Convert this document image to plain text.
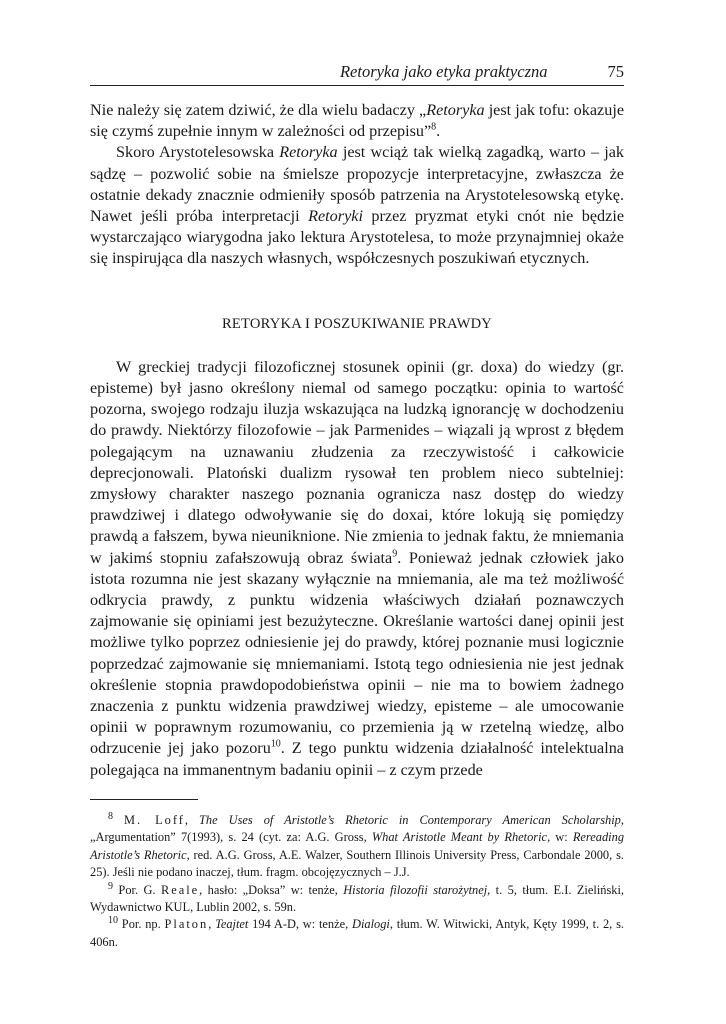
Retoryka jako etyka praktyczna	75

Nie należy się zatem dziwić, że dla wielu badaczy „Retoryka jest jak tofu: okazuje się czymś zupełnie innym w zależności od przepisu”$^8$.

Skoro Arystotelesowska Retoryka jest wciąż tak wielką zagadką, warto – jak sądzę – pozwolić sobie na śmielsze propozycje interpretacyjne, zwłaszcza że ostatnie dekady znacznie odmieniły sposób patrzenia na Arystotelesowską etykę. Nawet jeśli próba interpretacji Retoryki przez pryzmat etyki cnót nie będzie wystarczająco wiarygodna jako lektura Arystotelesa, to może przynajmniej okaże się inspirująca dla naszych własnych, współczesnych poszukiwań etycznych.

RETORYKA I POSZUKIWANIE PRAWDY

W greckiej tradycji filozoficznej stosunek opinii (gr. doxa) do wiedzy (gr. episteme) był jasno określony niemal od samego początku: opinia to wartość pozorna, swojego rodzaju iluzja wskazująca na ludzką ignorancję w dochodzeniu do prawdy. Niektórzy filozofowie – jak Parmenides – wiązali ją wprost z błędem polegającym na uznawaniu złudzenia za rzeczywistość i całkowicie deprecjonowali. Platoński dualizm rysował ten problem nieco subtelniej: zmysłowy charakter naszego poznania ogranicza nasz dostęp do wiedzy prawdziwej i dlatego odwoływanie się do doxai, które lokują się pomiędzy prawdą a fałszem, bywa nieuniknione. Nie zmienia to jednak faktu, że mniemania w jakimś stopniu zafałszowują obraz świata$^9$. Ponieważ jednak człowiek jako istota rozumna nie jest skazany wyłącznie na mniemania, ale ma też możliwość odkrycia prawdy, z punktu widzenia właściwych działań poznawczych zajmowanie się opiniami jest bezużyteczne. Określanie wartości danej opinii jest możliwe tylko poprzez odniesienie jej do prawdy, której poznanie musi logicznie poprzedzać zajmowanie się mniemaniami. Istotą tego odniesienia nie jest jednak określenie stopnia prawdopodobieństwa opinii – nie ma to bowiem żadnego znaczenia z punktu widzenia prawdziwej wiedzy, episteme – ale umocowanie opinii w poprawnym rozumowaniu, co przemienia ją w rzetelną wiedzę, albo odrzucenie jej jako pozoru$^{10}$. Z tego punktu widzenia działalność intelektualna polegająca na immanentnym badaniu opinii – z czym przede

$^8$ M. Loff, The Uses of Aristotle’s Rhetoric in Contemporary American Scholarship, „Argumentation” 7(1993), s. 24 (cyt. za: A.G. Gross, What Aristotle Meant by Rhetoric, w: Rereading Aristotle’s Rhetoric, red. A.G. Gross, A.E. Walzer, Southern Illinois University Press, Carbondale 2000, s. 25). Jeśli nie podano inaczej, tłum. fragm. obcojęzycznych – J.J.

$^9$ Por. G. Reale, hasło: „Doksa” w: tenże, Historia filozofii starożytnej, t. 5, tłum. E.I. Zieliński, Wydawnictwo KUL, Lublin 2002, s. 59n.

$^{10}$ Por. np. Platon, Teajtet 194 A-D, w: tenże, Dialogi, tłum. W. Witwicki, Antyk, Kęty 1999, t. 2, s. 406n.
